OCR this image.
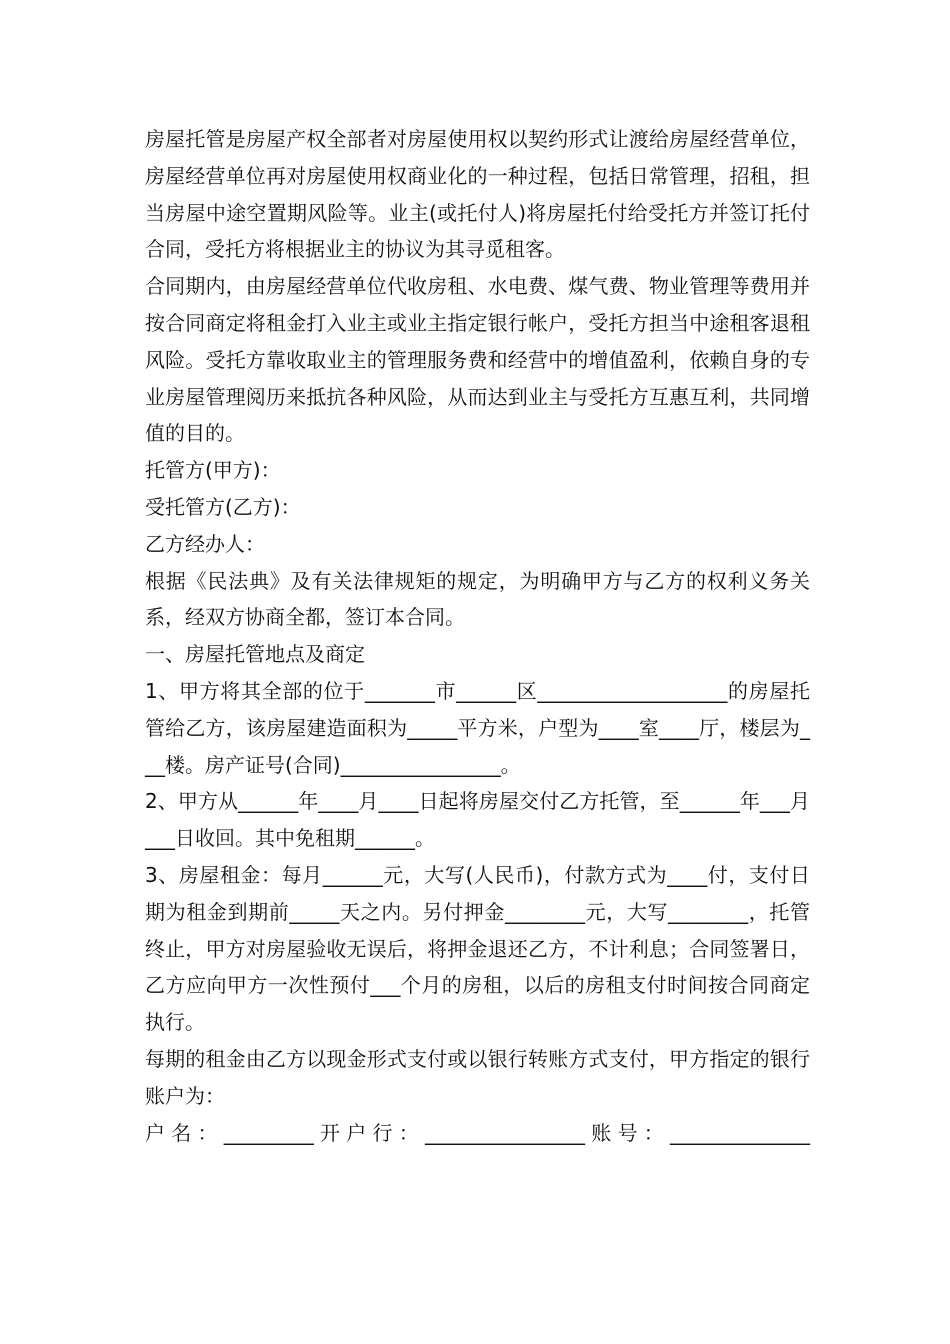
房屋托管是房屋产权全部者对房屋使用权以契约形式让渡给房屋经营单位，房屋经营单位再对房屋使用权商业化的一种过程，包括日常管理，招租，担当房屋中途空置期风险等。业主(或托付人)将房屋托付给受托方并签订托付合同，受托方将根据业主的协议为其寻觅租客。

合同期内，由房屋经营单位代收房租、水电费、煤气费、物业管理等费用并按合同商定将租金打入业主或业主指定银行帐户，受托方担当中途租客退租风险。受托方靠收取业主的管理服务费和经营中的增值盈利，依赖自身的专业房屋管理阅历来抵抗各种风险，从而达到业主与受托方互惠互利，共同增值的目的。

托管方(甲方)：

受托管方(乙方)：

乙方经办人：

根据《民法典》及有关法律规矩的规定，为明确甲方与乙方的权利义务关系，经双方协商全都，签订本合同。

一、房屋托管地点及商定

1、甲方将其全部的位于_______市______区___________________的房屋托管给乙方，该房屋建造面积为_____平方米，户型为____室____厅，楼层为___楼。房产证号(合同)________________。

2、甲方从______年____月____日起将房屋交付乙方托管，至______年___月___日收回。其中免租期______。

3、房屋租金：每月______元，大写(人民币)，付款方式为____付，支付日期为租金到期前_____天之内。另付押金________元，大写________，托管终止，甲方对房屋验收无误后，将押金退还乙方，不计利息；合同签署日，乙方应向甲方一次性预付___个月的房租，以后的房租支付时间按合同商定执行。

每期的租金由乙方以现金形式支付或以银行转账方式支付，甲方指定的银行账户为：

户名：_________开户行：________________账号：______________
